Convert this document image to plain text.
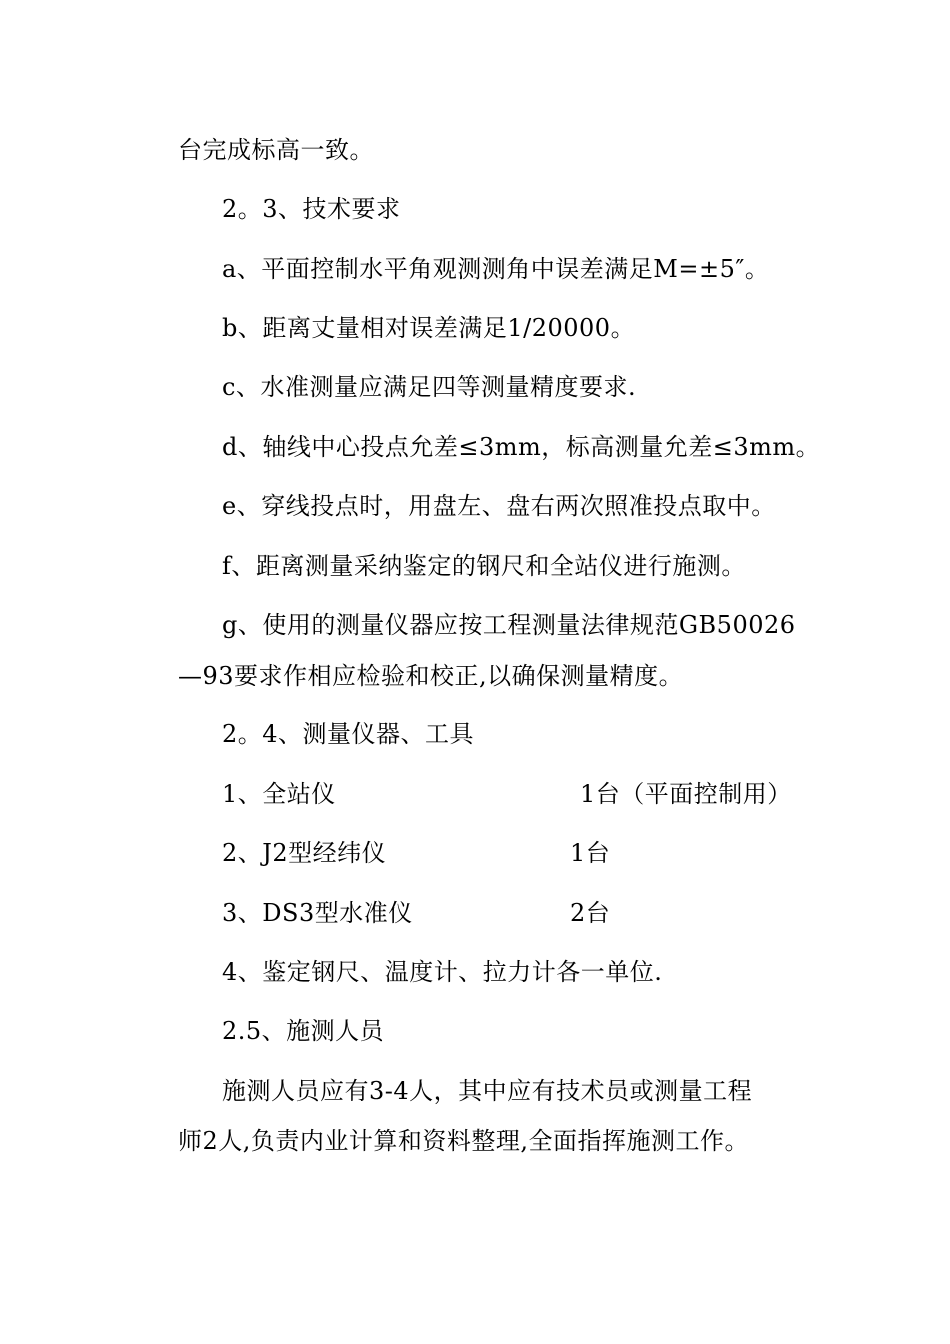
台完成标高一致。
2。3、技术要求
a、平面控制水平角观测测角中误差满足M=±5″。
b、距离丈量相对误差满足1/20000。
c、水准测量应满足四等测量精度要求.
d、轴线中心投点允差≤3mm，标高测量允差≤3mm。
e、穿线投点时，用盘左、盘右两次照准投点取中。
f、距离测量采纳鉴定的钢尺和全站仪进行施测。
g、使用的测量仪器应按工程测量法律规范GB50026
—93要求作相应检验和校正,以确保测量精度。
2。4、测量仪器、工具
1、全站仪	1台（平面控制用）
2、J2型经纬仪	1台
3、DS3型水准仪	2台
4、鉴定钢尺、温度计、拉力计各一单位.
2.5、施测人员
施测人员应有3-4人，其中应有技术员或测量工程
师2人,负责内业计算和资料整理,全面指挥施测工作。
